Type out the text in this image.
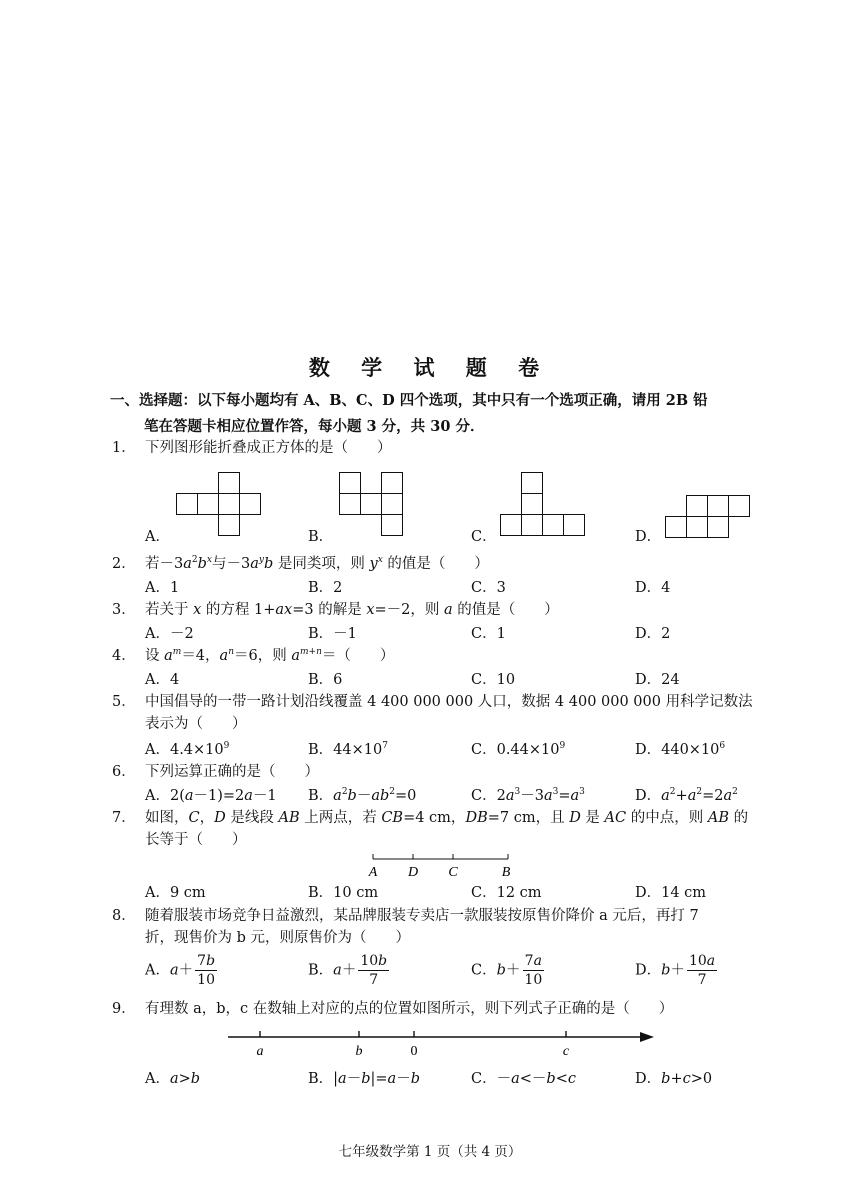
数 学 试 题 卷
一、选择题：以下每小题均有 A、B、C、D 四个选项，其中只有一个选项正确，请用 2B 铅
笔在答题卡相应位置作答，每小题 3 分，共 30 分．
1． 下列图形能折叠成正方体的是（　　）
A．	B．	C．	D．
2． 若$-3a^2b^x$与$-3a^yb$ 是同类项，则 $y^x$ 的值是（　　）
A．1	B．2	C．3	D．4
3． 若关于 x 的方程 1+ax=3 的解是 x=－2，则 a 的值是（　　）
A．－2	B．－1	C．1	D．2
4． 设 $a^m=4$，$a^n=6$，则 $a^{m+n}=$（　　）
A．4	B．6	C．10	D．24
5． 中国倡导的一带一路计划沿线覆盖 4 400 000 000 人口，数据 4 400 000 000 用科学记数法
表示为（　　）
A．$4.4\times 10^9$	B．$44\times 10^7$	C．$0.44\times 10^9$	D．$440\times 10^6$
6． 下列运算正确的是（　　）
A．2(a－1)=2a－1 B．$a^2b-ab^2=0$	C．$2a^3-3a^3=a^3$	D．$a^2+a^2=2a^2$
7． 如图，C，D 是线段 AB 上两点，若 CB=4 cm，DB=7 cm，且 D 是 AC 的中点，则 AB 的
长等于（　　）
A D C	B
A．9 cm	B．10 cm	C．12 cm	D．14 cm
8． 随着服装市场竞争日益激烈，某品牌服装专卖店一款服装按原售价降价 a 元后，再打 7
折，现售价为 b 元，则原售价为（　　）
A．$a+ \frac{7b}{10}$	B．$a+ \frac{10b}{7}$	C．$b+ \frac{7a}{10}$	D．$b+ \frac{10a}{7}$
9． 有理数 a，b，c 在数轴上对应的点的位置如图所示，则下列式子正确的是（　　）
a	b	0	c
A．a>b	B．|a－b|=a－b	C．－a<－b<c	D．b+c>0
七年级数学第 1 页（共 4 页）
